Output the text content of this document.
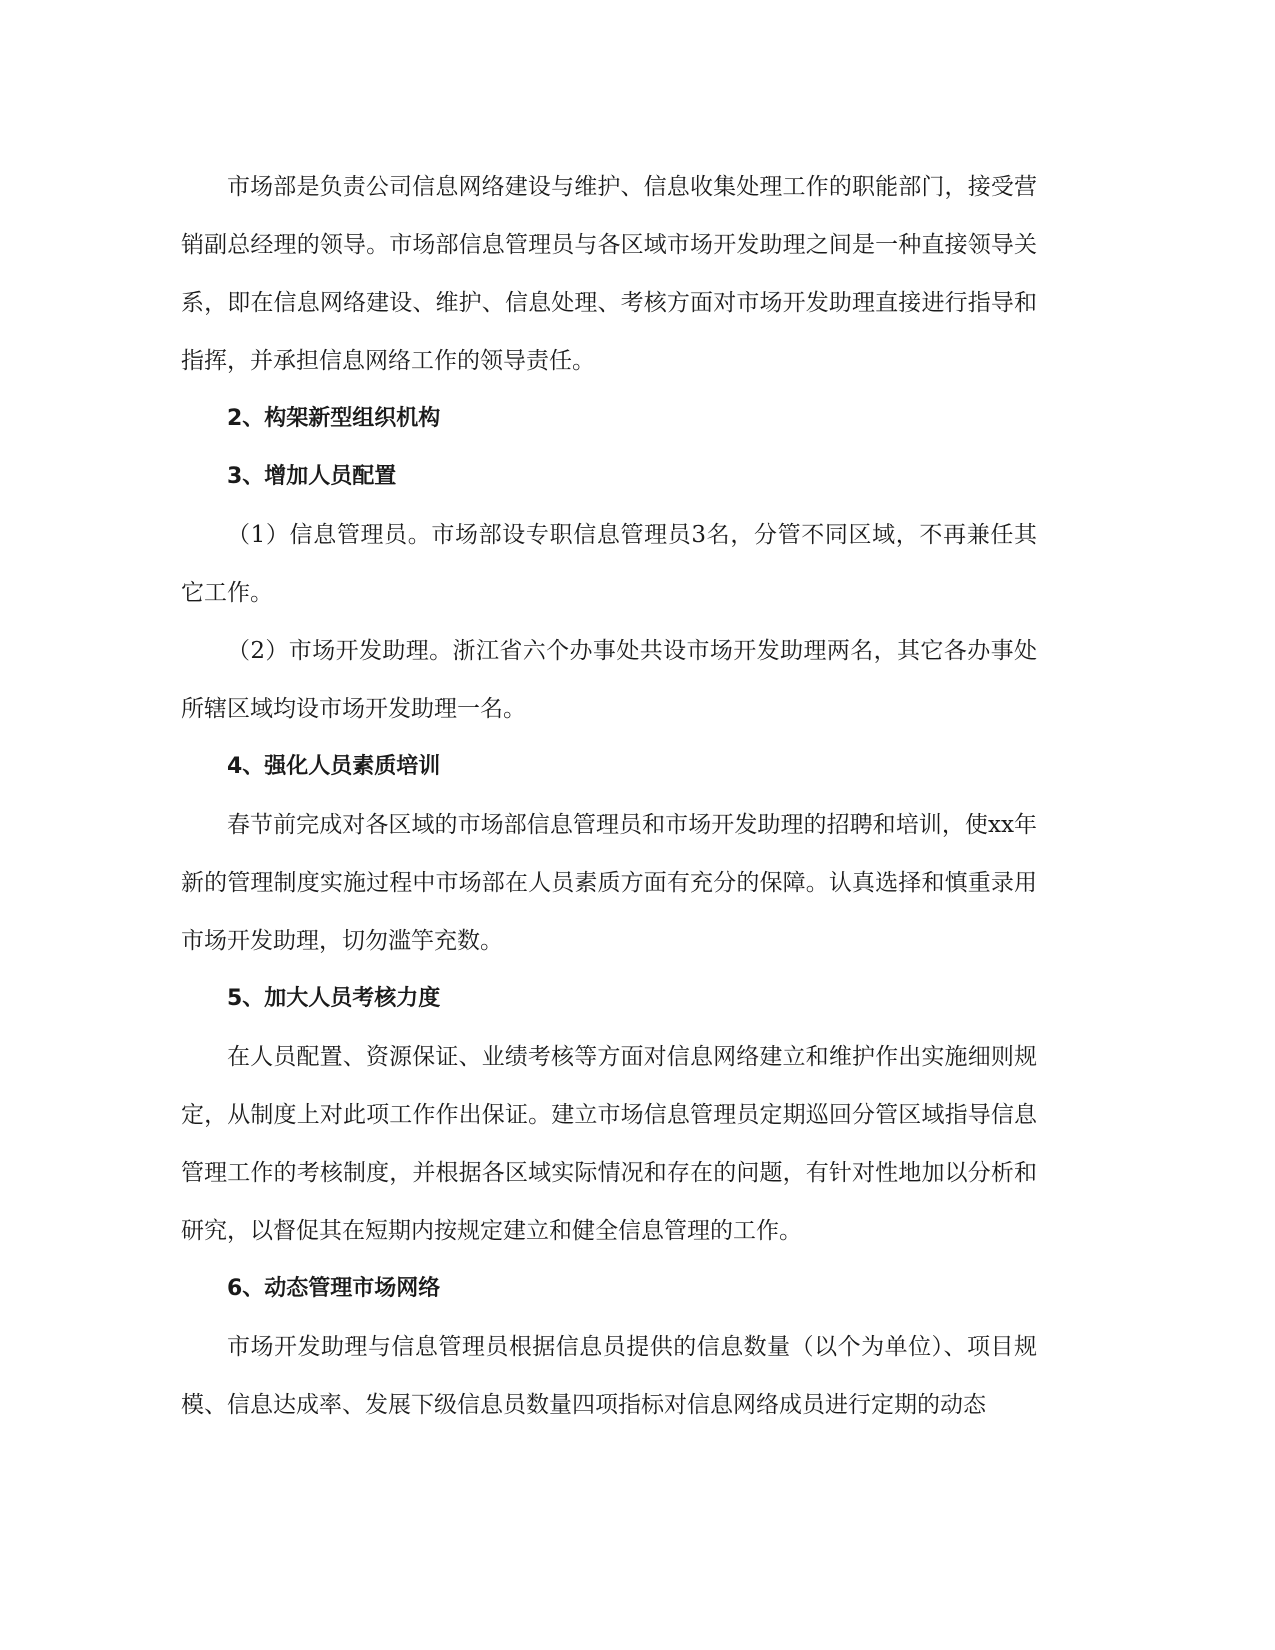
市场部是负责公司信息网络建设与维护、信息收集处理工作的职能部门，接受营销副总经理的领导。市场部信息管理员与各区域市场开发助理之间是一种直接领导关系，即在信息网络建设、维护、信息处理、考核方面对市场开发助理直接进行指导和指挥，并承担信息网络工作的领导责任。

2、构架新型组织机构

3、增加人员配置

（1）信息管理员。市场部设专职信息管理员3名，分管不同区域，不再兼任其它工作。

（2）市场开发助理。浙江省六个办事处共设市场开发助理两名，其它各办事处所辖区域均设市场开发助理一名。

4、强化人员素质培训

春节前完成对各区域的市场部信息管理员和市场开发助理的招聘和培训，使xx年新的管理制度实施过程中市场部在人员素质方面有充分的保障。认真选择和慎重录用市场开发助理，切勿滥竽充数。

5、加大人员考核力度

在人员配置、资源保证、业绩考核等方面对信息网络建立和维护作出实施细则规定，从制度上对此项工作作出保证。建立市场信息管理员定期巡回分管区域指导信息管理工作的考核制度，并根据各区域实际情况和存在的问题，有针对性地加以分析和研究，以督促其在短期内按规定建立和健全信息管理的工作。

6、动态管理市场网络

市场开发助理与信息管理员根据信息员提供的信息数量（以个为单位）、项目规模、信息达成率、发展下级信息员数量四项指标对信息网络成员进行定期的动态
